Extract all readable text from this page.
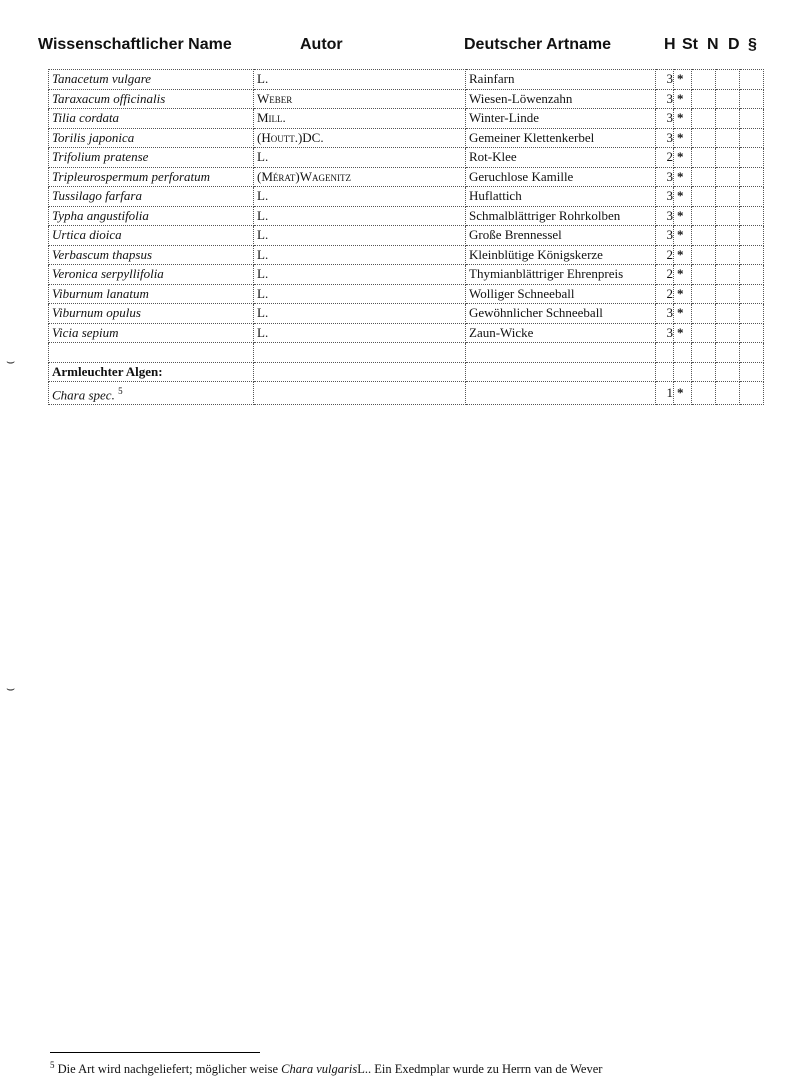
Wissenschaftlicher Name	Autor	Deutscher Artname	H St N D §
Tanacetum vulgare	L.	Rainfarn	3	*			
Taraxacum officinalis	Weber	Wiesen-Löwenzahn	3	*			
Tilia cordata	Mill.	Winter-Linde	3	*			
Torilis japonica	(Houtt.)DC.	Gemeiner Klettenkerbel	3	*			
Trifolium pratense	L.	Rot-Klee	2	*			
Tripleurospermum perforatum	(Mérat)Wagenitz	Geruchlose Kamille	3	*			
Tussilago farfara	L.	Huflattich	3	*			
Typha angustifolia	L.	Schmalblättriger Rohrkolben	3	*			
Urtica dioica	L.	Große Brennessel	3	*			
Verbascum thapsus	L.	Kleinblütige Königskerze	2	*			
Veronica serpyllifolia	L.	Thymianblättriger Ehrenpreis	2	*			
Viburnum lanatum	L.	Wolliger Schneeball	2	*			
Viburnum opulus	L.	Gewöhnlicher Schneeball	3	*			
Vicia sepium	L.	Zaun-Wicke	3	*			

Armleuchter Algen:							
Chara spec. $^5$			1	*			
⌣
⌣
$^5$ Die Art wird nachgeliefert; möglicher weise Chara vulgarisL.. Ein Exedmplar wurde zu Herrn van de Wever
